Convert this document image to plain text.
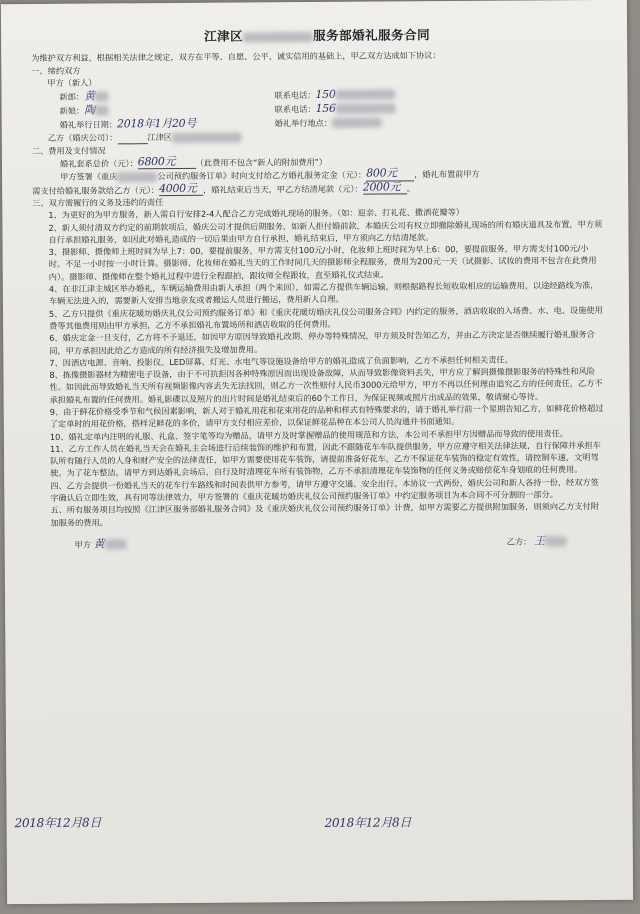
江津区	服务部婚礼服务合同

为维护双方利益，根据相关法律之规定，双方在平等、自愿、公平、诚实信用的基础上，甲乙双方达成如下协议：

一、缔约双方

甲方（新人）

新郎：黄	联系电话：150
新娘：陶	联系电话：156
婚礼举行日期：2018年1月20号	婚礼举行地点：

乙方（婚庆公司）：	江津区

二、费用及支付情况

婚礼套系总价（元）：6800元 （此费用不包含“新人的附加费用”）

甲方签署《重庆	公司预约服务订单》时向支付给乙方婚礼服务定金（元）：800元 ，婚礼布置前甲方

需支付给婚礼服务款给乙方（元）：4000元 ，婚礼结束后当天，甲乙方结清尾款（元）：2000元 。

三、双方需履行的义务及违约的责任

1、为更好的为甲方服务，新人需自行安排2-4人配合乙方完成婚礼现场的服务。（如：迎亲、打礼花、撒酒花瓣等）

2、新人须付清双方约定的前期款项后，婚庆公司才提供后期服务，如新人拒付婚前款，本婚庆公司有权立即撤除婚礼现场的所有婚庆道具及布置，甲方须自行承担婚礼服务，如因此对婚礼造成的一切后果由甲方自行承担，婚礼结束后，甲方须向乙方结清尾款。

3、摄影师、摄像师上班时间为早上7：00，要提前服务，甲方需支付100元/小时，化妆师上班时间为早上6：00，要提前服务，甲方需支付100元/小时。不足一小时按一小时计算。摄影师、化妆师在婚礼当天的工作时间几天的摄影师全程服务，费用为200元一天（试摄影、试妆的费用不包含在此费用内）。摄影师、摄像师在整个婚礼过程中进行全程跟拍，跟妆师全程跟妆，直至婚礼仪式结束。

4、在非江津主城区举办婚礼，车辆运输费用由新人承担（两个来回），如需乙方提供车辆运输，则根据路程长短收取相应的运输费用，以途经路线为准，车辆无法进入的，需要新人安排当地亲友或者搬运人员进行搬运，费用新人自理。

5、乙方只提供《重庆花暖坊婚庆礼仪公司预约服务订单》和《重庆花暖坊婚庆礼仪公司服务合同》内约定的服务，酒店收取的入场费、水、电、设施使用费等其他费用则由甲方承担，乙方不承担婚礼布置场所和酒店收取的任何费用。

6、婚庆定金一旦支付，乙方将不予退还，如因甲方原因导致婚礼改期、停办等特殊情况，甲方须及时告知乙方，并由乙方决定是否继续履行婚礼服务合同，甲方承担因此给乙方造成的所有经济损失及增加费用。

7、因酒店电源、音响、投影仪、LED屏幕、灯光、水电气等设施设备给甲方的婚礼造成了负面影响，乙方不承担任何相关责任。

8、拣像摄影器材为精密电子设备，由于不可抗拒因各种特殊原因而出现设备故障，从而导致影像资料丢失，甲方应了解到摄像摄影服务的特殊性和风险性。如因此而导致婚礼当天所有视频影像内容丢失无法找回，则乙方一次性赔付人民币3000元给甲方，甲方不再以任何理由追究乙方的任何责任，乙方不承担婚礼布置的任何费用。婚礼影碟以及照片的出片时间是婚礼结束后的60个工作日，为保证视频或照片出成品的效果，敬请耐心等待。

9、由于鲜花价格受季节和气候因素影响，新人对于婚礼用花和花束用花的品种和样式有特殊要求的，请于婚礼举行前一个星期告知乙方，如鲜花价格超过了定单时的用花价格，搭样足鲜花的多价，请甲方支付相应差价，以保证鲜花品种在本公司人员沟通并书面通知。

10、婚礼定单内注明的礼服、礼盒、签字笔等均为赠品，请甲方及时掌握赠品的使用规范和方法，本公司不承担甲方因赠品而导致的使用责任。

11、乙方工作人员在婚礼当天会在婚礼主会场进行后续装饰的维护和布置，因此不跟随花车车队提供服务，甲方应遵守相关法律法规，自行保障并承担车队所有随行人员的人身和财产安全的法律责任，如甲方需要使用花车装饰，请提前准备好花车，乙方不保证花车装饰的稳定有效性，请控制车速，文明驾驶。为了花车整洁，请甲方到达婚礼会场后，自行及时清理花车所有装饰物，乙方不承担清理花车装饰物的任何义务或赔偿花车身划痕的任何费用。

四、乙方会提供一份婚礼当天的花车行车路线和时间表供甲方参考，请甲方遵守交通、安全出行。本协议一式两份，婚庆公司和新人各持一份，经双方签字确认后立即生效，具有同等法律效力，甲方签署的《重庆花暖坊婚庆礼仪公司预约服务订单》中约定服务项目为本合同不可分割的一部分。

五、所有服务项目均按照《江津区服务部婚礼服务合同》及《重庆婚庆礼仪公司预约服务订单》计费，如甲方需要乙方提供附加服务，则须向乙方支付附加服务的费用。

甲方 黄	乙方： 王
2018年12月8日	2018年12月8日
